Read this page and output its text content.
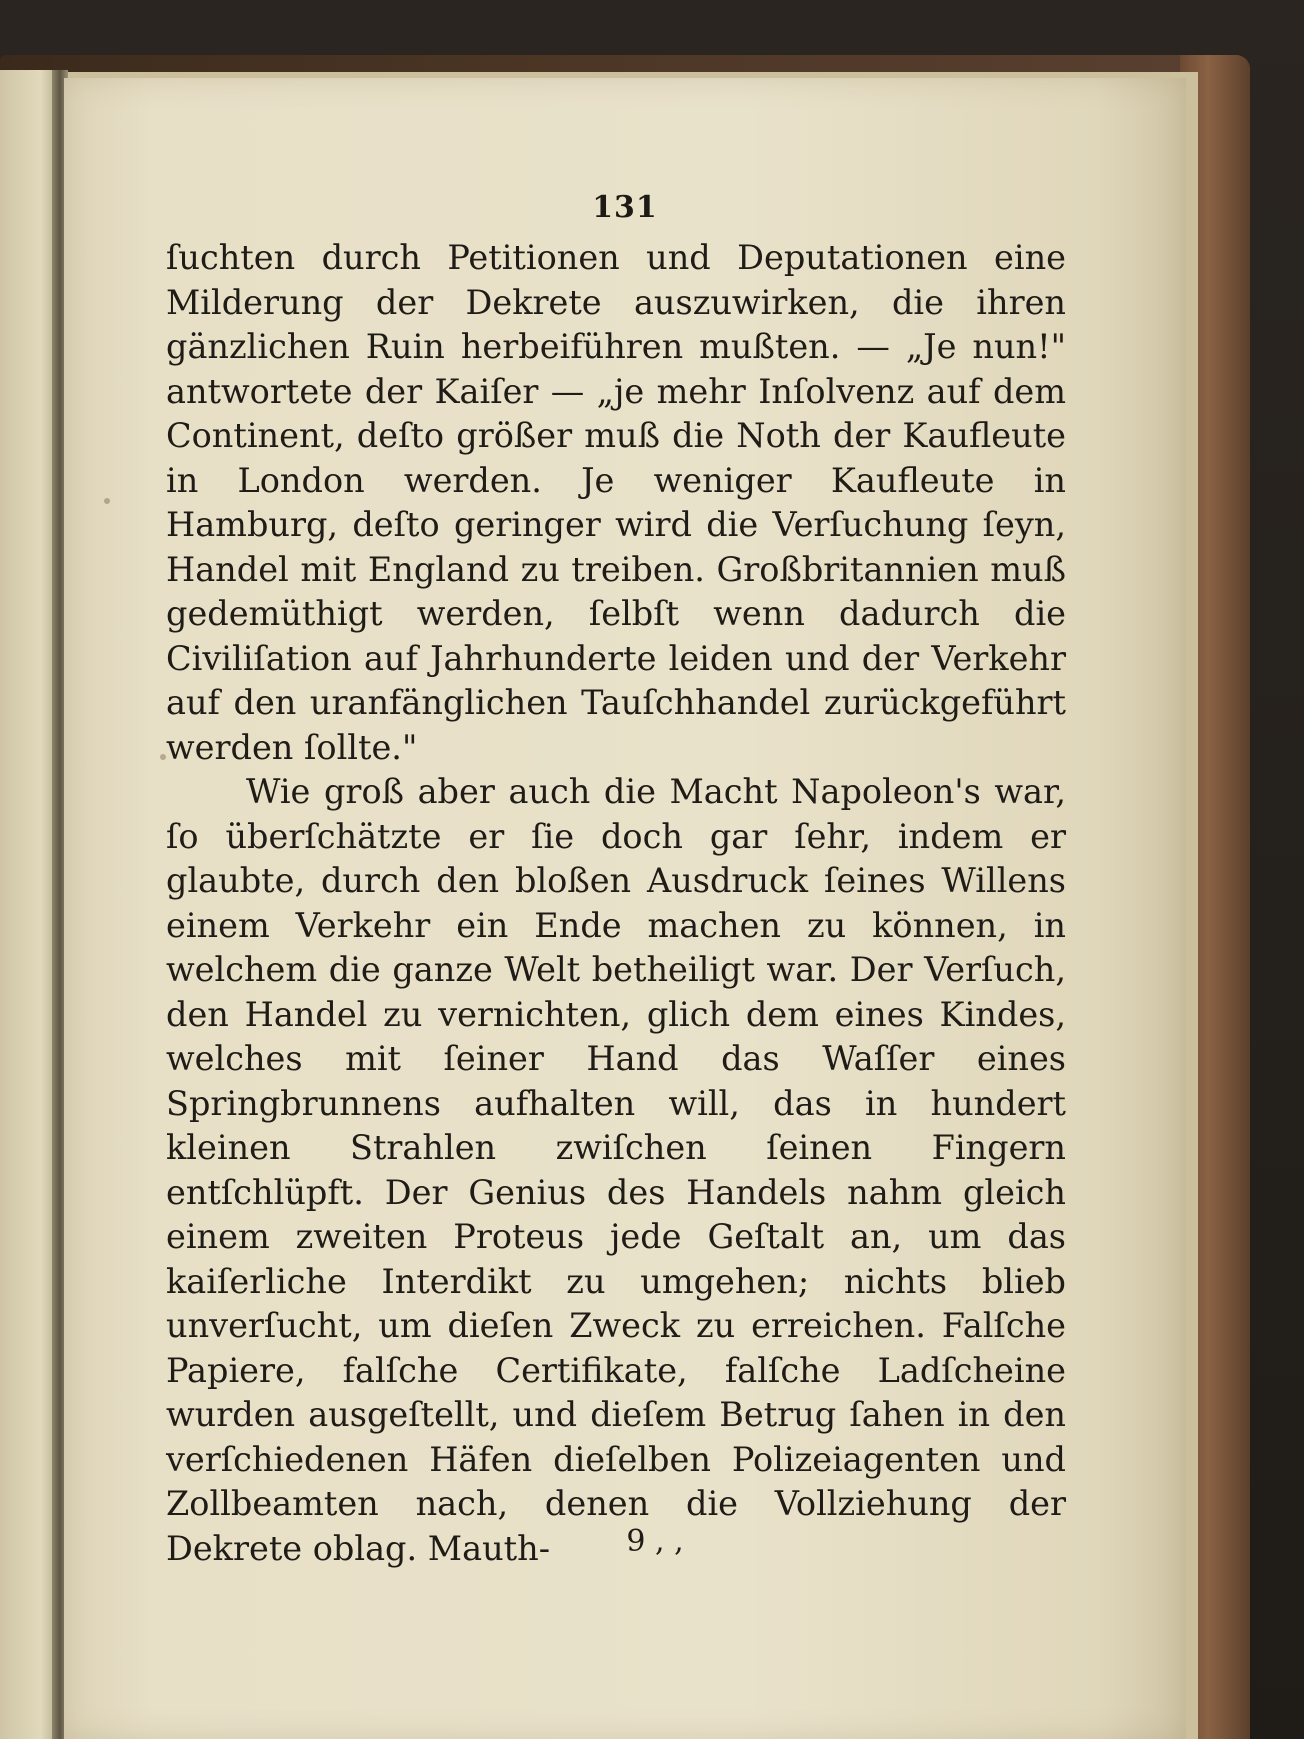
131

ſuchten durch Petitionen und Deputationen eine Milderung der Dekrete auszuwirken, die ihren gänzlichen Ruin herbeiführen mußten. — „Je nun!" antwortete der Kaiſer — „je mehr Inſolvenz auf dem Continent, deſto größer muß die Noth der Kaufleute in London werden. Je weniger Kaufleute in Hamburg, deſto geringer wird die Verſuchung ſeyn, Handel mit England zu treiben. Großbritannien muß gedemüthigt werden, ſelbſt wenn dadurch die Civiliſation auf Jahrhunderte leiden und der Verkehr auf den uranfänglichen Tauſchhandel zurückgeführt werden ſollte."

Wie groß aber auch die Macht Napoleon's war, ſo überſchätzte er ſie doch gar ſehr, indem er glaubte, durch den bloßen Ausdruck ſeines Willens einem Verkehr ein Ende machen zu können, in welchem die ganze Welt betheiligt war. Der Verſuch, den Handel zu vernichten, glich dem eines Kindes, welches mit ſeiner Hand das Waſſer eines Springbrunnens aufhalten will, das in hundert kleinen Strahlen zwiſchen ſeinen Fingern entſchlüpft. Der Genius des Handels nahm gleich einem zweiten Proteus jede Geſtalt an, um das kaiſerliche Interdikt zu umgehen; nichts blieb unverſucht, um dieſen Zweck zu erreichen. Falſche Papiere, falſche Certifikate, falſche Ladſcheine wurden ausgeſtellt, und dieſem Betrug ſahen in den verſchiedenen Häfen dieſelben Polizeiagenten und Zollbeamten nach, denen die Vollziehung der Dekrete oblag. Mauth-	9 , ,
